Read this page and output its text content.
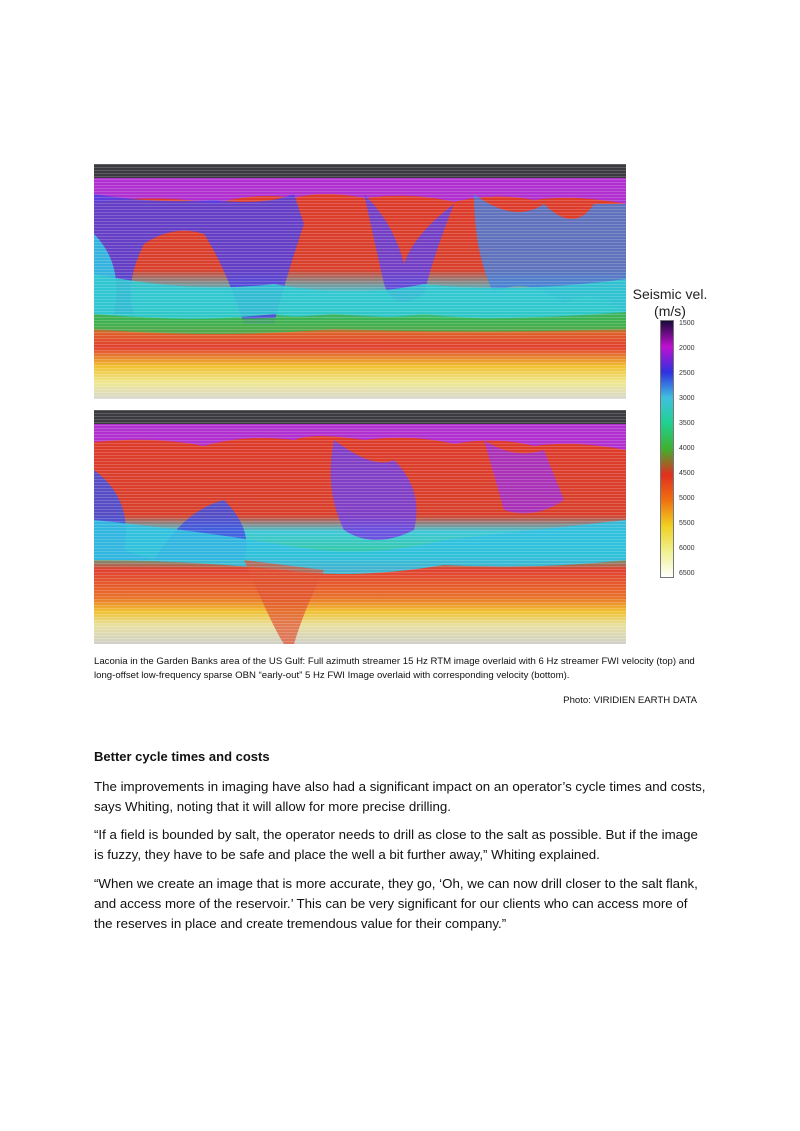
Seismic vel.
(m/s)
1500
2000
2500
3000
3500
4000
4500
5000
5500
6000
6500

Laconia in the Garden Banks area of the US Gulf: Full azimuth streamer 15 Hz RTM image overlaid with 6 Hz streamer FWI velocity (top) and long-offset low-frequency sparse OBN “early-out” 5 Hz FWI Image overlaid with corresponding velocity (bottom).

Photo: VIRIDIEN EARTH DATA

Better cycle times and costs

The improvements in imaging have also had a significant impact on an operator’s cycle times and costs, says Whiting, noting that it will allow for more precise drilling.

“If a field is bounded by salt, the operator needs to drill as close to the salt as possible. But if the image is fuzzy, they have to be safe and place the well a bit further away,” Whiting explained.

“When we create an image that is more accurate, they go, ‘Oh, we can now drill closer to the salt flank, and access more of the reservoir.’ This can be very significant for our clients who can access more of the reserves in place and create tremendous value for their company.”
